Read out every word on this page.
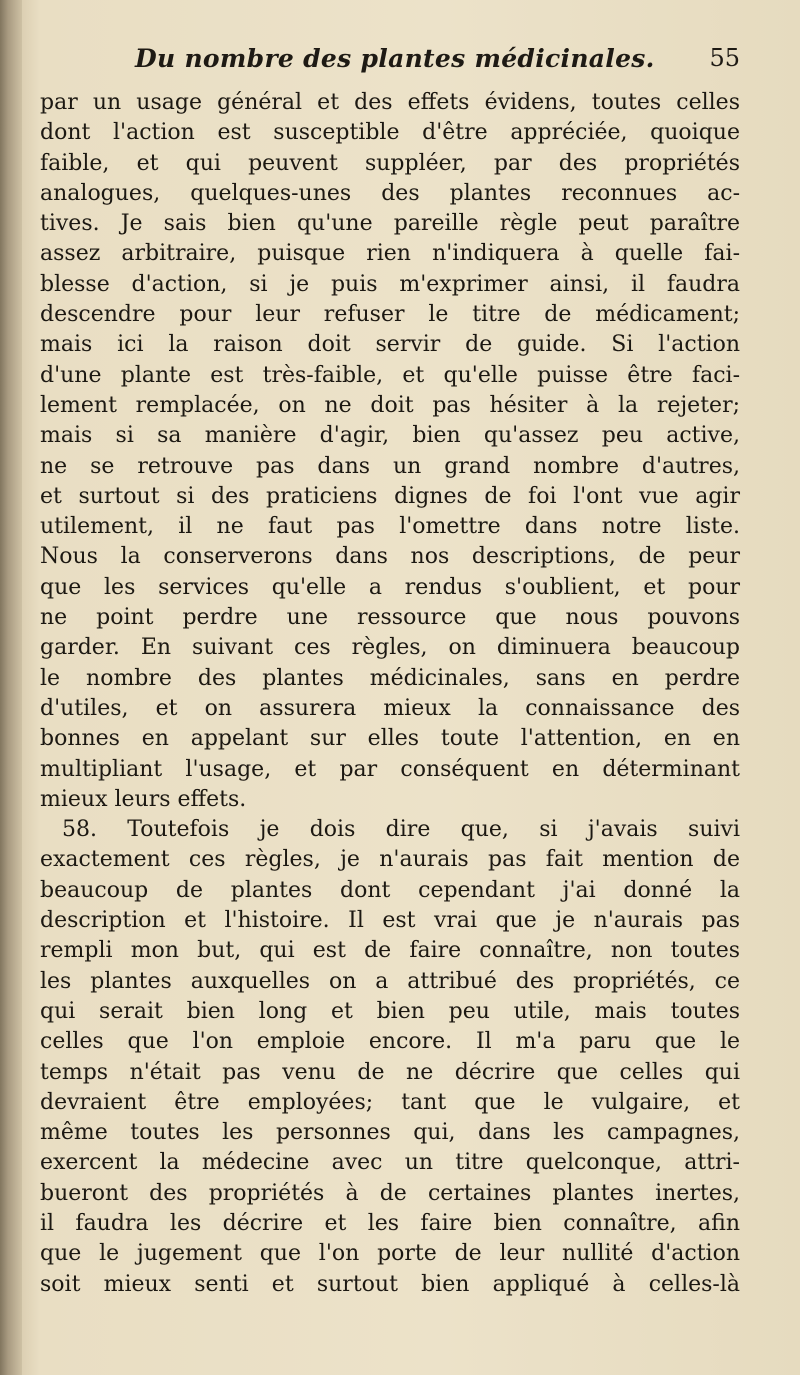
Du nombre des plantes médicinales. 55
par un usage général et des effets évidens, toutes celles
dont l'action est susceptible d'être appréciée, quoique
faible, et qui peuvent suppléer, par des propriétés
analogues, quelques-unes des plantes reconnues ac-
tives. Je sais bien qu'une pareille règle peut paraître
assez arbitraire, puisque rien n'indiquera à quelle fai-
blesse d'action, si je puis m'exprimer ainsi, il faudra
descendre pour leur refuser le titre de médicament;
mais ici la raison doit servir de guide. Si l'action
d'une plante est très-faible, et qu'elle puisse être faci-
lement remplacée, on ne doit pas hésiter à la rejeter;
mais si sa manière d'agir, bien qu'assez peu active,
ne se retrouve pas dans un grand nombre d'autres,
et surtout si des praticiens dignes de foi l'ont vue agir
utilement, il ne faut pas l'omettre dans notre liste.
Nous la conserverons dans nos descriptions, de peur
que les services qu'elle a rendus s'oublient, et pour
ne point perdre une ressource que nous pouvons
garder. En suivant ces règles, on diminuera beaucoup
le nombre des plantes médicinales, sans en perdre
d'utiles, et on assurera mieux la connaissance des
bonnes en appelant sur elles toute l'attention, en en
multipliant l'usage, et par conséquent en déterminant
mieux leurs effets.
58. Toutefois je dois dire que, si j'avais suivi
exactement ces règles, je n'aurais pas fait mention de
beaucoup de plantes dont cependant j'ai donné la
description et l'histoire. Il est vrai que je n'aurais pas
rempli mon but, qui est de faire connaître, non toutes
les plantes auxquelles on a attribué des propriétés, ce
qui serait bien long et bien peu utile, mais toutes
celles que l'on emploie encore. Il m'a paru que le
temps n'était pas venu de ne décrire que celles qui
devraient être employées; tant que le vulgaire, et
même toutes les personnes qui, dans les campagnes,
exercent la médecine avec un titre quelconque, attri-
bueront des propriétés à de certaines plantes inertes,
il faudra les décrire et les faire bien connaître, afin
que le jugement que l'on porte de leur nullité d'action
soit mieux senti et surtout bien appliqué à celles-là
